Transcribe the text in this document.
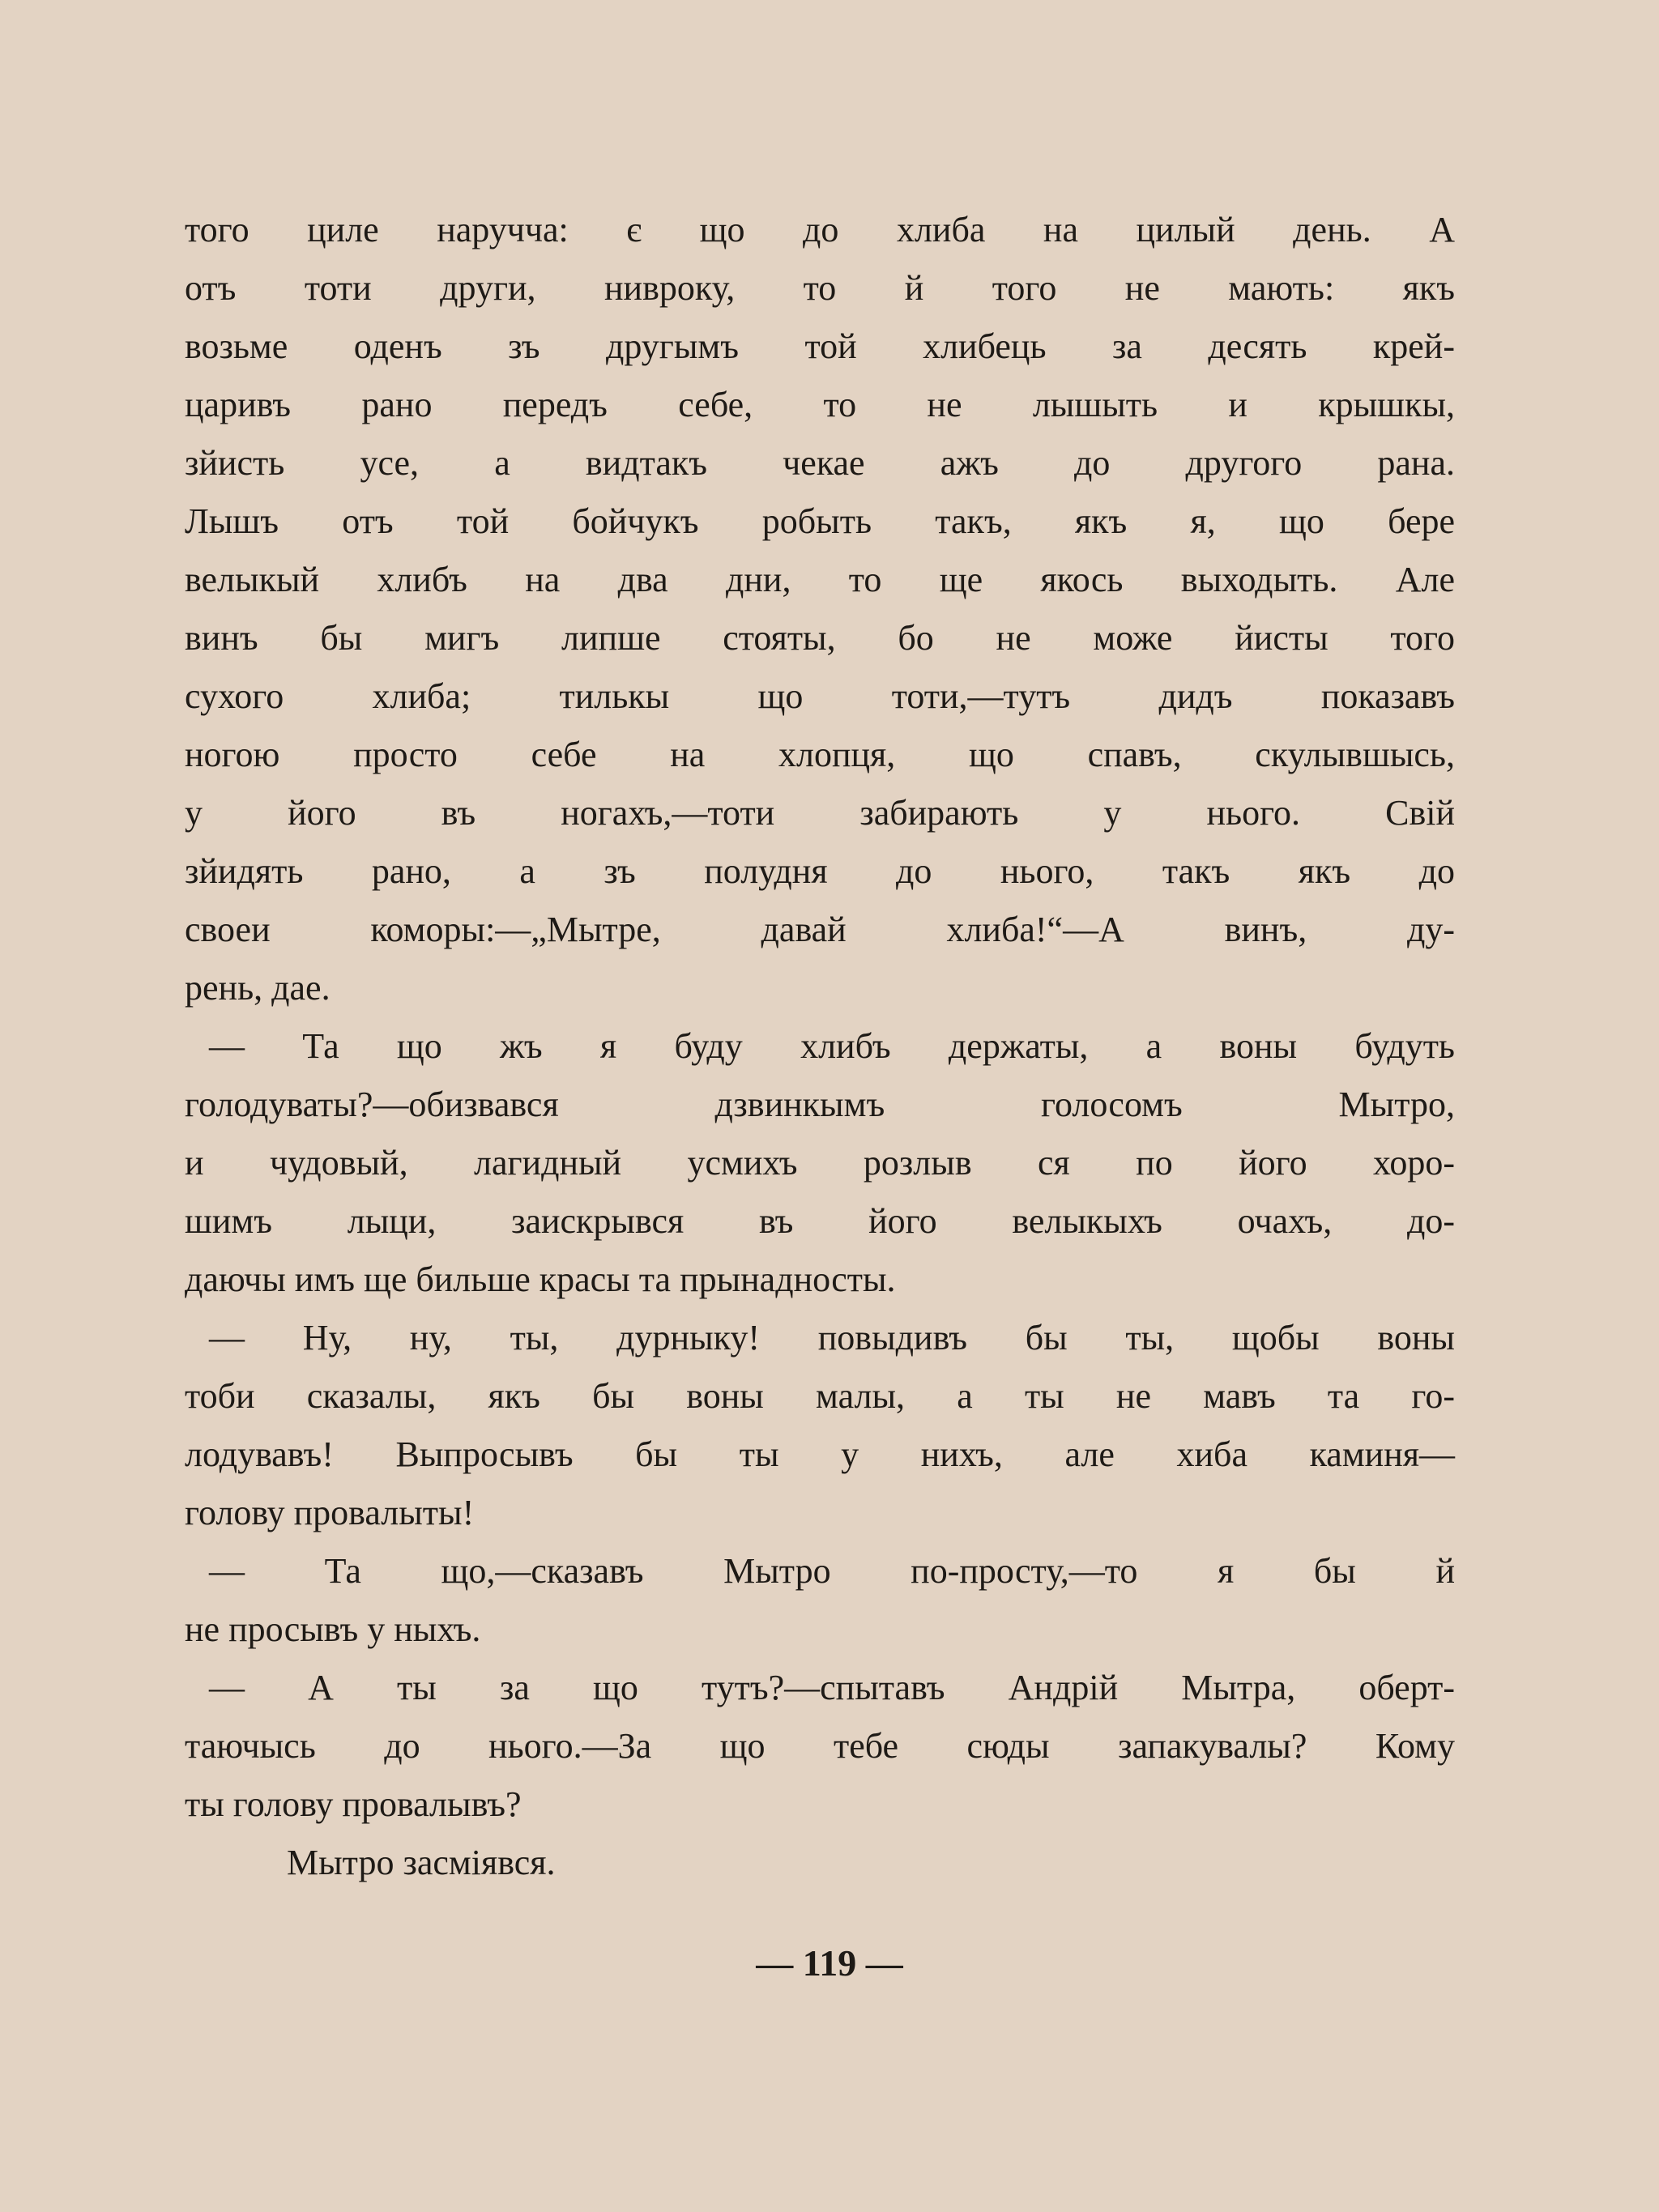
того циле наручча: є що до хлиба на цилый день. А
отъ тоти други, нивроку, то й того не мають: якъ
возьме оденъ зъ другымъ той хлибець за десять крей-
царивъ рано передъ себе, то не лышыть и крышкы,
зйисть усе, а видтакъ чекае ажъ до другого рана.
Лышъ отъ той бойчукъ робыть такъ, якъ я, що бере
велыкый хлибъ на два дни, то ще якось выходыть. Але
винъ бы мигъ липше стояты, бо не може йисты того
сухого хлиба; тилькы що тоти,—тутъ дидъ показавъ
ногою просто себе на хлопця, що спавъ, скулывшысь,
у його въ ногахъ,—тоти забирають у нього. Свій
зйидять рано, а зъ полудня до нього, такъ якъ до
своеи коморы:—„Мытре, давай хлиба!“—А винъ, ду-
рень, дае.
— Та що жъ я буду хлибъ держаты, а воны будуть
голодуваты?—обизвався дзвинкымъ голосомъ Мытро,
и чудовый, лагидный усмихъ розлыв ся по його хоро-
шимъ лыци, заискрывся въ його велыкыхъ очахъ, до-
даючы имъ ще бильше красы та прынадносты.
— Ну, ну, ты, дурныку! повыдивъ бы ты, щобы воны
тоби сказалы, якъ бы воны малы, а ты не мавъ та го-
лодувавъ! Выпросывъ бы ты у нихъ, але хиба каминя—
голову провалыты!
— Та що,—сказавъ Мытро по-просту,—то я бы й
не просывъ у ныхъ.
— А ты за що тутъ?—спытавъ Андрій Мытра, оберт-
таючысь до нього.—За що тебе сюды запакувалы? Кому
ты голову провалывъ?
Мытро засміявся.
— 119 —
